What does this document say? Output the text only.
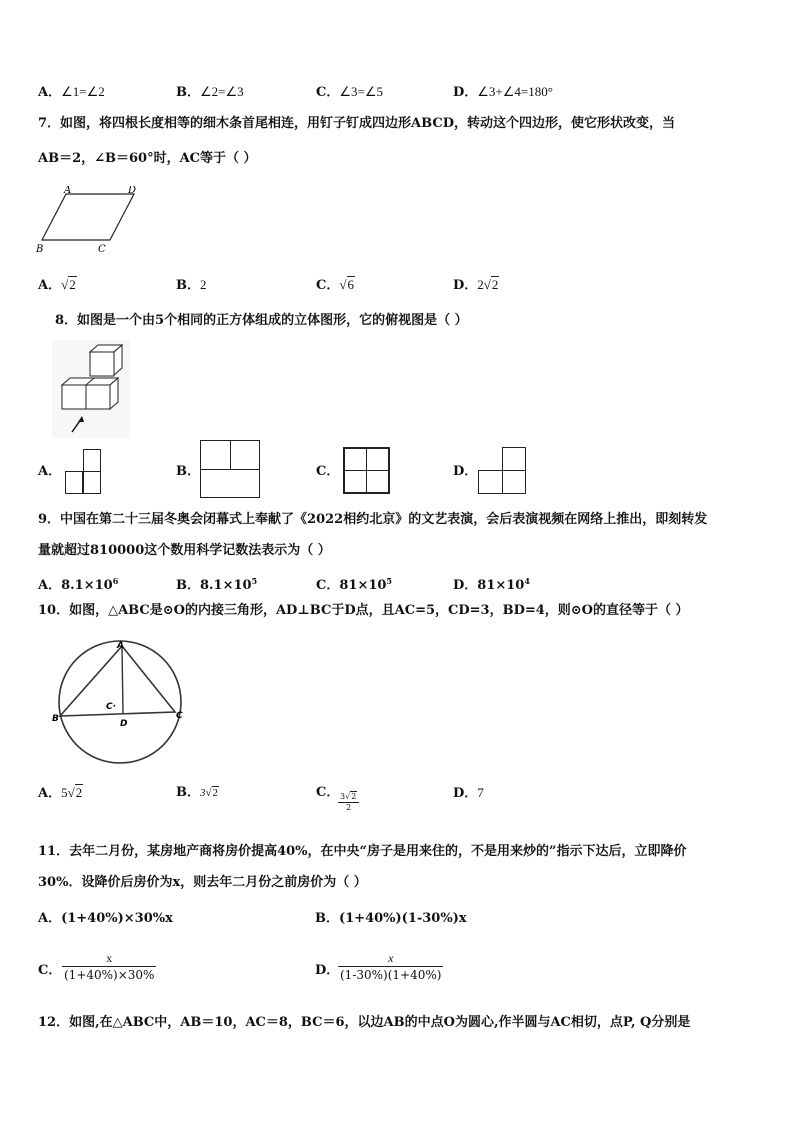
A．∠1=∠2	B．∠2=∠3	C．∠3=∠5	D．∠3+∠4=180°
7．如图，将四根长度相等的细木条首尾相连，用钉子钉成四边形ABCD，转动这个四边形，使它形状改变，当
AB＝2，∠B＝60°时，AC等于（ ）
A	D
B	C
A．√2	B．2	C．√6	D．2√2
8．如图是一个由5个相同的正方体组成的立体图形，它的俯视图是（ ）
A．	B．	C．	D．
9．中国在第二十三届冬奥会闭幕式上奉献了《2022相约北京》的文艺表演，会后表演视频在网络上推出，即刻转发
量就超过810000这个数用科学记数法表示为（ ）
A．$8.1\times 10^6$	B．$8.1\times 10^5$	C．$81\times 10^5$	D．$81\times 10^4$
10．如图，△ABC是⊙O的内接三角形，AD⊥BC于D点，且AC=5，CD=3，BD=4，则⊙O的直径等于（ ）
A
B	C
D
C·
A．5√2	B．3√2	C．
$\frac{3√2}{2}$	D．7
11．去年二月份，某房地产商将房价提高40%，在中央“房子是用来住的，不是用来炒的”指示下达后，立即降价
30%．设降价后房价为x，则去年二月份之前房价为（ ）
A．(1+40%)×30%x	B．(1+40%)(1-30%)x
C． $\frac{x}{(1+40\%)\times 30\%}$	D．
$\frac{x}{(1-30\%)(1+40\%)}$
12．如图,在△ABC中，AB＝10，AC＝8，BC＝6，以边AB的中点O为圆心,作半圆与AC相切，点P, Q分别是
